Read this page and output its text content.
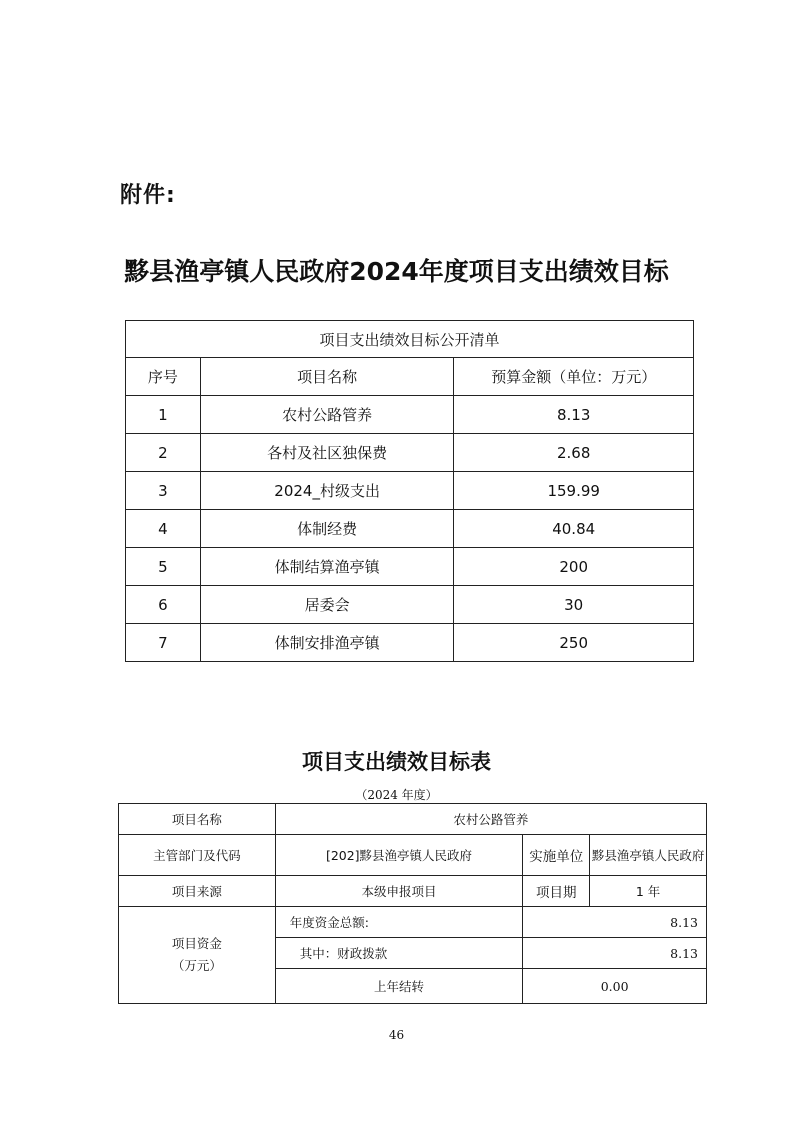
附件:
黟县渔亭镇人民政府2024年度项目支出绩效目标
项目支出绩效目标公开清单		
序号	项目名称	预算金额（单位：万元）
1	农村公路管养	8.13
2	各村及社区独保费	2.68
3	2024_村级支出	159.99
4	体制经费	40.84
5	体制结算渔亭镇	200
6	居委会	30
7	体制安排渔亭镇	250
项目支出绩效目标表
（2024 年度）
项目名称	农村公路管养		
主管部门及代码	[202]黟县渔亭镇人民政府	实施单位	黟县渔亭镇人民政府
项目来源	本级申报项目	项目期	1 年

项目资金
（万元）	年度资金总额:	8.13	
	其中：财政拨款	8.13	
	上年结转	0.00	
46
